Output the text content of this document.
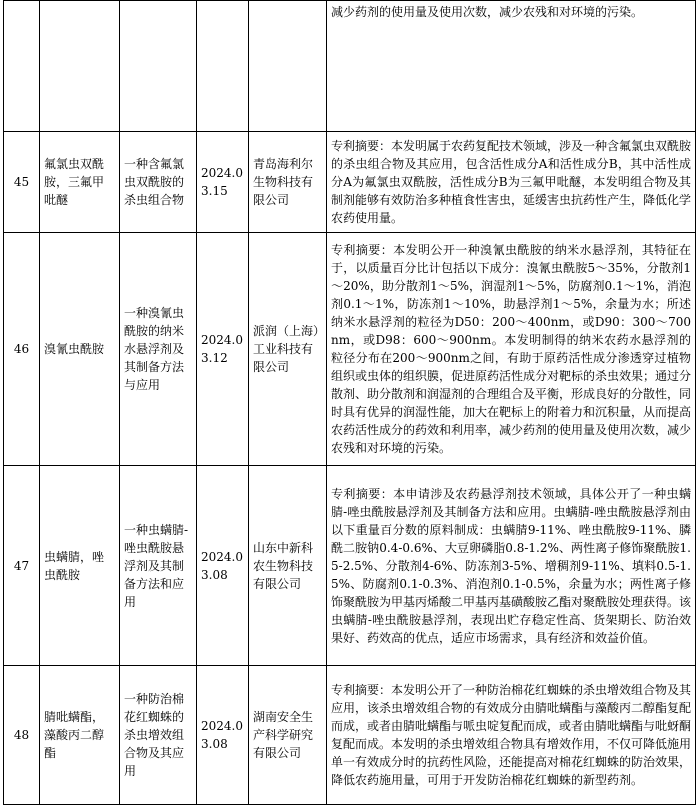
					减少药剂的使用量及使用次数，减少农残和对环境的污染。
45	氟氯虫双酰胺，三氟甲吡醚	一种含氟氯虫双酰胺的杀虫组合物	2024.03.15	青岛海利尔生物科技有限公司	专利摘要：本发明属于农药复配技术领域，涉及一种含氟氯虫双酰胺的杀虫组合物及其应用，包含活性成分A和活性成分B，其中活性成分A为氟氯虫双酰胺，活性成分B为三氟甲吡醚，本发明组合物及其制剂能够有效防治多种植食性害虫，延缓害虫抗药性产生，降低化学农药使用量。
46	溴氰虫酰胺	一种溴氰虫酰胺的纳米水悬浮剂及其制备方法与应用	2024.03.12	派润（上海）工业科技有限公司	专利摘要：本发明公开一种溴氰虫酰胺的纳米水悬浮剂，其特征在于，以质量百分比计包括以下成分：溴氰虫酰胺5～35%，分散剂1～20%，助分散剂1～5%，润湿剂1～5%，防腐剂0.1～1%，消泡剂0.1～1%，防冻剂1～10%，助悬浮剂1～5%，余量为水；所述纳米水悬浮剂的粒径为D50：200～400nm，或D90：300～700nm，或D98：600～900nm。本发明制得的纳米农药水悬浮剂的粒径分布在200～900nm之间，有助于原药活性成分渗透穿过植物组织或虫体的组织膜，促进原药活性成分对靶标的杀虫效果；通过分散剂、助分散剂和润湿剂的合理组合及平衡，形成良好的分散性，同时具有优异的润湿性能，加大在靶标上的附着力和沉积量，从而提高农药活性成分的药效和利用率，减少药剂的使用量及使用次数，减少农残和对环境的污染。
47	虫螨腈，唑虫酰胺	一种虫螨腈-唑虫酰胺悬浮剂及其制备方法和应用	2024.03.08	山东中新科农生物科技有限公司	专利摘要：本申请涉及农药悬浮剂技术领域，具体公开了一种虫螨腈-唑虫酰胺悬浮剂及其制备方法和应用。虫螨腈-唑虫酰胺悬浮剂由以下重量百分数的原料制成：虫螨腈9-11%、唑虫酰胺9-11%、膦酰二胺钠0.4-0.6%、大豆卵磷脂0.8-1.2%、两性离子修饰聚酰胺1.5-2.5%、分散剂4-6%、防冻剂3-5%、增稠剂9-11%、填料0.5-1.5%、防腐剂0.1-0.3%、消泡剂0.1-0.5%，余量为水；两性离子修饰聚酰胺为甲基丙烯酸二甲基丙基磺酸胺乙酯对聚酰胺处理获得。该虫螨腈-唑虫酰胺悬浮剂，表现出贮存稳定性高、货架期长、防治效果好、药效高的优点，适应市场需求，具有经济和效益价值。
48	腈吡螨酯，藻酸丙二醇酯	一种防治棉花红蜘蛛的杀虫增效组合物及其应用	2024.03.08	湖南安全生产科学研究有限公司	专利摘要：本发明公开了一种防治棉花红蜘蛛的杀虫增效组合物及其应用，该杀虫增效组合物的有效成分由腈吡螨酯与藻酸丙二醇酯复配而成，或者由腈吡螨酯与哌虫啶复配而成，或者由腈吡螨酯与吡蚜酮复配而成。本发明的杀虫增效组合物具有增效作用，不仅可降低施用单一有效成分时的抗药性风险，还能提高对棉花红蜘蛛的防治效果，降低农药施用量，可用于开发防治棉花红蜘蛛的新型药剂。
